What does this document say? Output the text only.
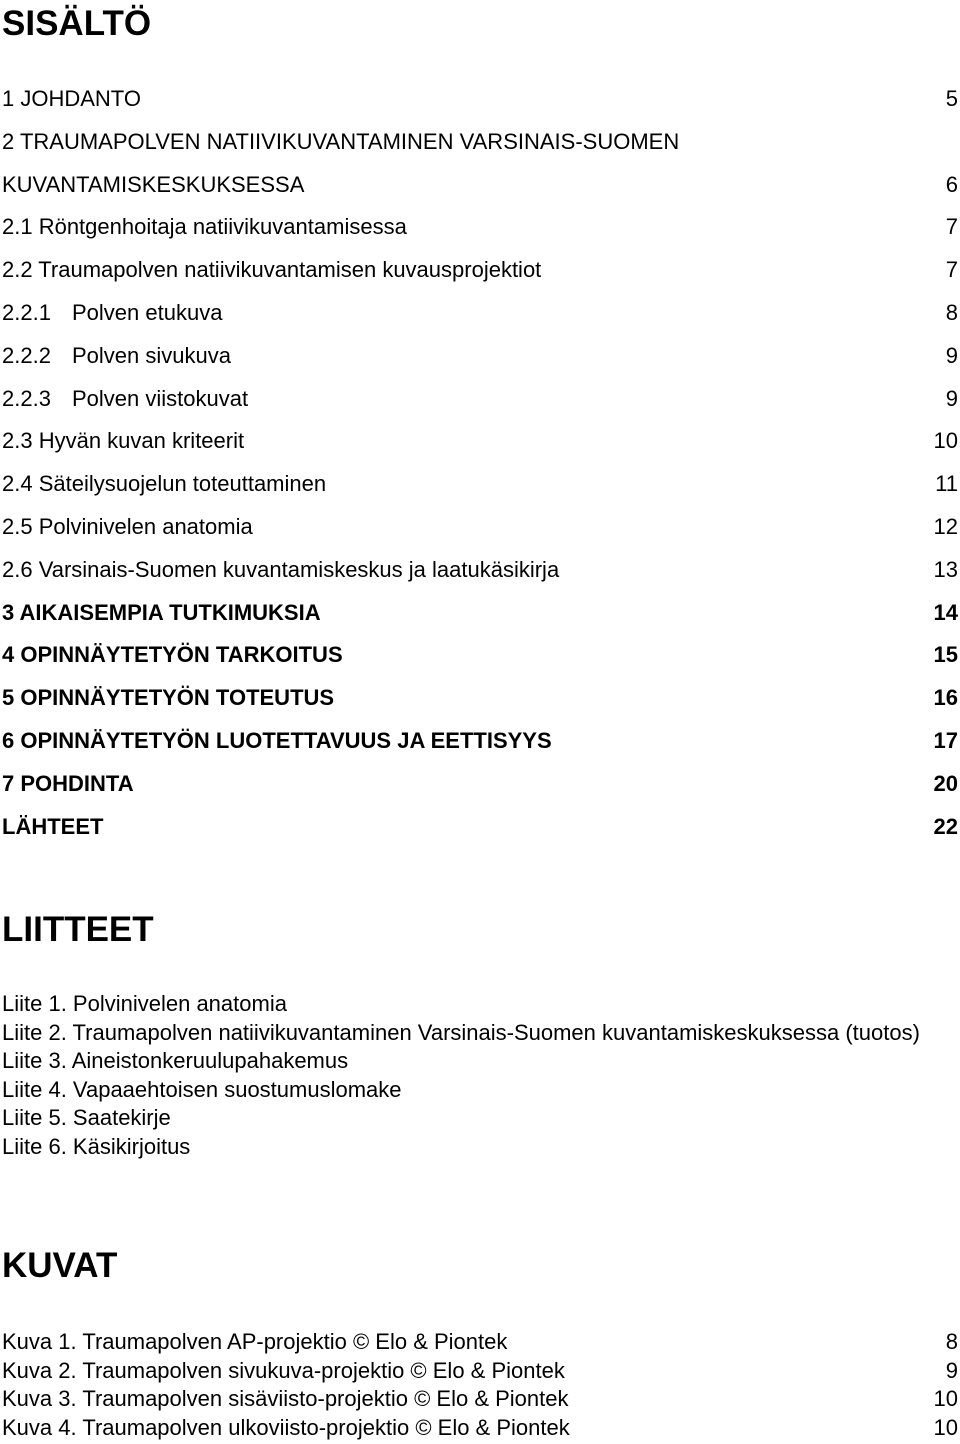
SISÄLTÖ
1 JOHDANTO	5
2 TRAUMAPOLVEN NATIIVIKUVANTAMINEN VARSINAIS-SUOMEN
KUVANTAMISKESKUKSESSA	6
2.1 Röntgenhoitaja natiivikuvantamisessa	7
2.2 Traumapolven natiivikuvantamisen kuvausprojektiot	7
2.2.1 Polven etukuva	8
2.2.2 Polven sivukuva	9
2.2.3 Polven viistokuvat	9
2.3 Hyvän kuvan kriteerit	10
2.4 Säteilysuojelun toteuttaminen	11
2.5 Polvinivelen anatomia	12
2.6 Varsinais-Suomen kuvantamiskeskus ja laatukäsikirja	13
3 AIKAISEMPIA TUTKIMUKSIA	14
4 OPINNÄYTETYÖN TARKOITUS	15
5 OPINNÄYTETYÖN TOTEUTUS	16
6 OPINNÄYTETYÖN LUOTETTAVUUS JA EETTISYYS	17
7 POHDINTA	20
LÄHTEET	22
LIITTEET

Liite 1. Polvinivelen anatomia

Liite 2. Traumapolven natiivikuvantaminen Varsinais-Suomen kuvantamiskeskuksessa (tuotos)

Liite 3. Aineistonkeruulupahakemus

Liite 4. Vapaaehtoisen suostumuslomake

Liite 5. Saatekirje

Liite 6. Käsikirjoitus

KUVAT
Kuva 1. Traumapolven AP-projektio © Elo & Piontek	8
Kuva 2. Traumapolven sivukuva-projektio © Elo & Piontek	9
Kuva 3. Traumapolven sisäviisto-projektio © Elo & Piontek	10
Kuva 4. Traumapolven ulkoviisto-projektio © Elo & Piontek	10
